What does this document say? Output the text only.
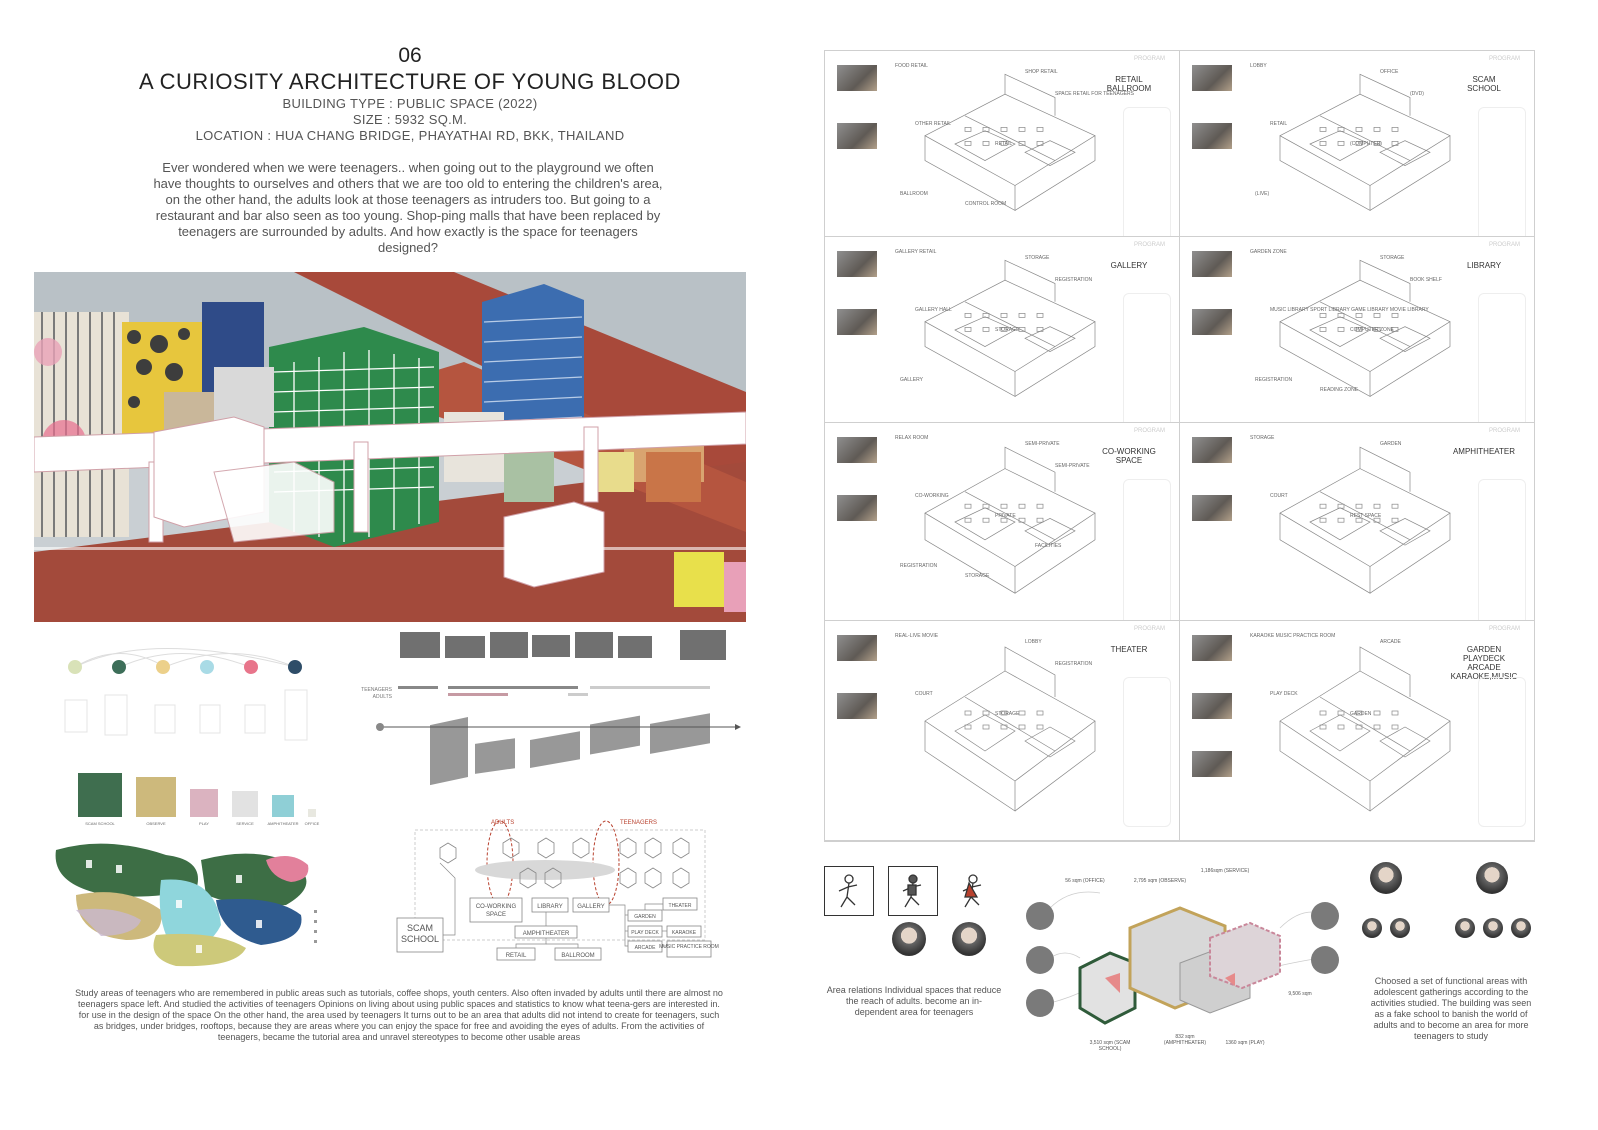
06
A CURIOSITY ARCHITECTURE OF YOUNG BLOOD
BUILDING TYPE : PUBLIC SPACE (2022)
SIZE : 5932 SQ.M.
LOCATION : HUA CHANG BRIDGE, PHAYATHAI RD, BKK, THAILAND
Ever wondered when we were teenagers.. when going out to the playground we often have thoughts to ourselves and others that we are too old to entering the children's area, on the other hand, the adults look at those teenagers as intruders too. But going to a restaurant and bar also seen as too young. Shop-ping malls that have been replaced by teenagers are surrounded by adults. And how exactly is the space for teenagers designed?
SCAM SCHOOL	OBSERVE	PLAY	SERVICE	AMPHITHEATER OFFICE
TEENAGERS
ADULTS
ADULTS	TEENAGERS
SCAM SCHOOL
CO-WORKING SPACE
LIBRARY GALLERY
AMPHITHEATER
RETAIL	BALLROOM
THEATER
GARDEN
PLAY DECK	KARAOKE
ARCADE MUSIC PRACTICE ROOM
Study areas of teenagers who are remembered in public areas such as tutorials, coffee shops, youth centers. Also often invaded by adults until there are almost no teenagers space left. And studied the activities of teenagers Opinions on living about using public spaces and statistics to know what teena-gers are interested in. for use in the design of the space On the other hand, the area used by teenagers It turns out to be an area that adults did not intend to create for teenagers, such as bridges, under bridges, rooftops, because they are areas where you can enjoy the space for free and avoiding the eyes of adults. From the activities of teenagers, became the tutorial area and unravel stereotypes to become other usable areas
PROGRAM
RETAIL
BALLROOM
FOOD RETAIL
SHOP RETAIL
OTHER RETAIL
RETAIL
SPACE RETAIL FOR TEENAGERS
BALLROOM
CONTROL ROOM
PROGRAM
SCAM
SCHOOL
LOBBY
OFFICE
RETAIL
(COMPUTER)
(DVD)
(LIVE)
PROGRAM
GALLERY
GALLERY RETAIL
STORAGE
GALLERY HALL
STORAGE
REGISTRATION
GALLERY
PROGRAM
LIBRARY
GARDEN ZONE
STORAGE
MUSIC LIBRARY SPORT LIBRARY GAME LIBRARY MOVIE LIBRARY
COMPUTER ZONE
BOOK SHELF
REGISTRATION
READING ZONE
PROGRAM
CO-WORKING
SPACE
RELAX ROOM
SEMI-PRIVATE
CO-WORKING
PRIVATE
SEMI-PRIVATE
REGISTRATION
STORAGE
FACILITIES
PROGRAM
AMPHITHEATER
STORAGE
GARDEN
COURT
REST SPACE
PROGRAM
THEATER
REAL-LIVE MOVIE
LOBBY
COURT
STORAGE
REGISTRATION
PROGRAM
GARDEN
PLAYDECK
ARCADE
KARAOKE,MUSIC
KARAOKE MUSIC PRACTICE ROOM
ARCADE
PLAY DECK
GARDEN
Area relations Individual spaces that reduce the reach of adults. become an in-dependent area for teenagers
56 sqm (OFFICE)	2,795 sqm (OBSERVE)
1,186sqm (SERVICE)
3,510 sqm (SCAM SCHOOL)
832 sqm (AMPHITHEATER)	1360 sqm (PLAY)
9,506 sqm
Choosed a set of functional areas with adolescent gatherings according to the activities studied. The building was seen as a fake school to banish the world of adults and to become an area for more teenagers to study
